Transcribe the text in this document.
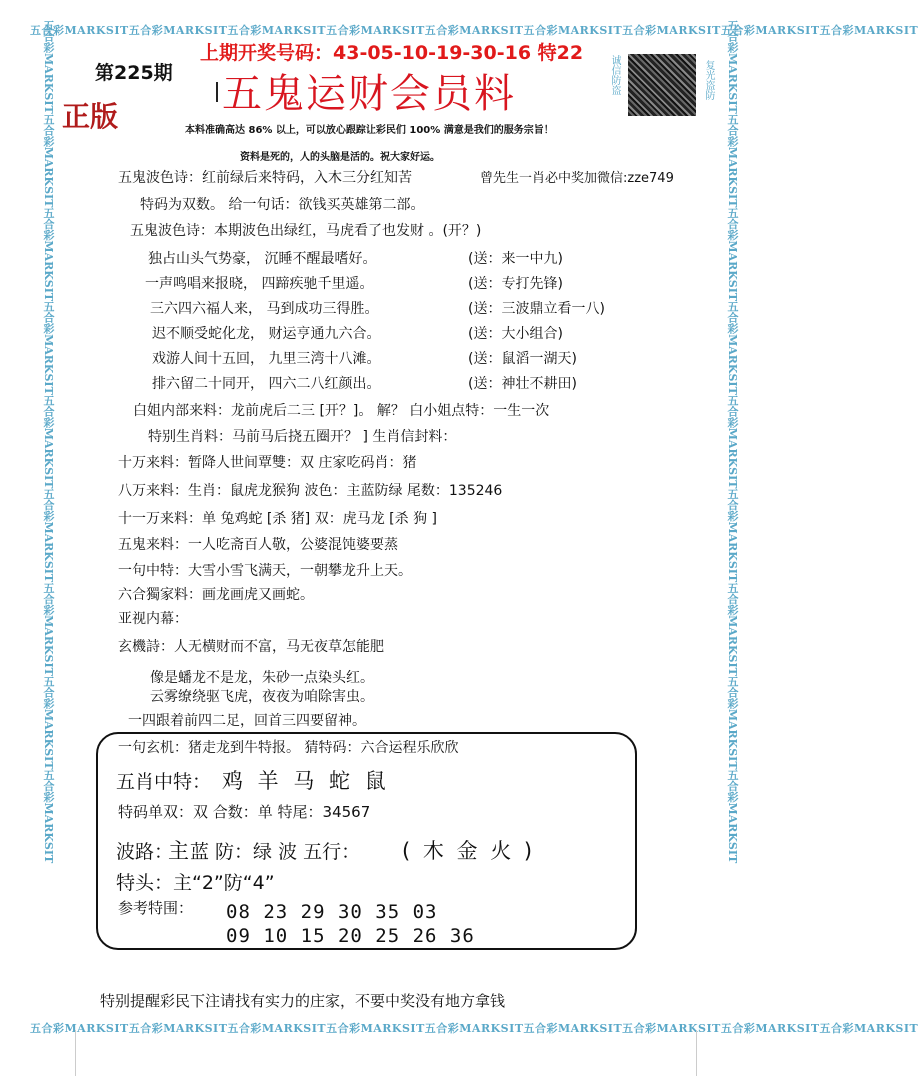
五合彩MARKSIT五合彩MARKSIT五合彩MARKSIT五合彩MARKSIT五合彩MARKSIT五合彩MARKSIT五合彩MARKSIT五合彩MARKSIT五合彩MARKSIT
五合彩MARKSIT五合彩MARKSIT五合彩MARKSIT五合彩MARKSIT五合彩MARKSIT五合彩MARKSIT五合彩MARKSIT五合彩MARKSIT五合彩MARKSIT
五合彩MARKSIT五合彩MARKSIT五合彩MARKSIT五合彩MARKSIT五合彩MARKSIT五合彩MARKSIT五合彩MARKSIT五合彩MARKSIT五合彩MARKSIT	五合彩MARKSIT五合彩MARKSIT五合彩MARKSIT五合彩MARKSIT五合彩MARKSIT五合彩MARKSIT五合彩MARKSIT五合彩MARKSIT五合彩MARKSIT
上期开奖号码：43-05-10-19-30-16 特22
第225期 五鬼运财会员料
正版
诚信防盗	复光盗防
本料准确高达 86% 以上，可以放心跟踪让彩民们 100% 满意是我们的服务宗旨！
资料是死的，人的头脑是活的。祝大家好运。
五鬼波色诗：红前绿后来特码，入木三分红知苦	曾先生一肖必中奖加微信:zze749
特码为双数。 给一句话：欲钱买英雄第二部。
五鬼波色诗：本期波色出绿红，马虎看了也发财 。(开？)
独占山头气势豪， 沉睡不醒最嗜好。	(送：来一中九)
一声鸣唱来报晓， 四蹄疾驰千里遥。	(送：专打先锋)
三六四六福人来， 马到成功三得胜。	(送：三波鼎立看一八)
迟不顺受蛇化龙， 财运亨通九六合。	(送：大小组合)
戏游人间十五回， 九里三湾十八滩。	(送：鼠滔一湖天)
排六留二十同开， 四六二八红颜出。	(送：神壮不耕田)
白姐内部来料：龙前虎后二三 [开？]。 解？ 白小姐点特：一生一次
特别生肖料：马前马后挠五圈开？ ] 生肖信封料：
十万来料：暂降人世间覃雙：双 庄家吃码肖：猪
八万来料：生肖：鼠虎龙猴狗 波色：主蓝防绿 尾数：135246
十一万来料：单 兔鸡蛇 [杀 猪] 双：虎马龙 [杀 狗 ]
五鬼来料：一人吃斋百人敬，公婆混饨婆要蒸
一句中特：大雪小雪飞满天，一朝攀龙升上天。
六合獨家料：画龙画虎又画蛇。
亚视内幕：
玄機詩：人无横财而不富，马无夜草怎能肥
像是蟠龙不是龙，朱砂一点染头红。
云雾缭绕驱飞虎，夜夜为咱除害虫。
一四跟着前四二足，回首三四要留神。
一句玄机：猪走龙到牛特报。 猜特码：六合运程乐欣欣
五肖中特： 鸡 羊 马 蛇 鼠
特码单双：双 合数：单 特尾：34567
波路：
主 蓝 防：绿 波 五行： ( 木 金 火 )
特头：主“2”防“4”
参考特围： 08 23 29 30 35 03
09 10 15 20 25 26 36
特别提醒彩民下注请找有实力的庄家，不要中奖没有地方拿钱
